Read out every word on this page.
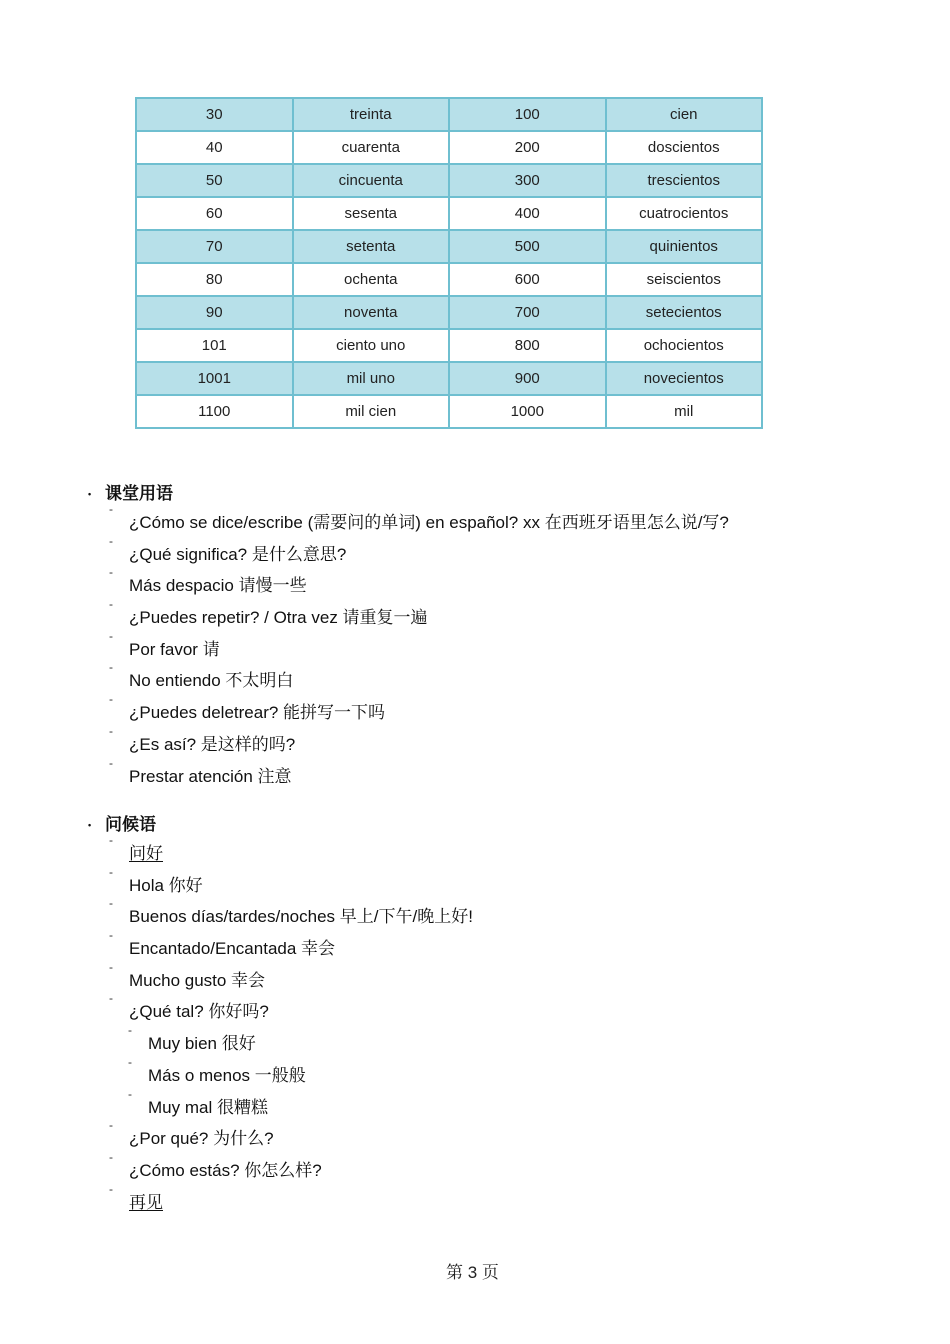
30	treinta	100	cien
40	cuarenta	200	doscientos
50	cincuenta	300	trescientos
60	sesenta	400	cuatrocientos
70	setenta	500	quinientos
80	ochenta	600	seiscientos
90	noventa	700	setecientos
101	ciento uno	800	ochocientos
1001	mil uno	900	novecientos
1100	mil cien	1000	mil
• 课堂用语
-
¿Cómo se dice/escribe (需要问的单词) en español? xx 在西班牙语里怎么说/写?
-
¿Qué significa? 是什么意思?
-
Más despacio 请慢一些
-
¿Puedes repetir? / Otra vez 请重复一遍
-
Por favor 请
-
No entiendo 不太明白
-
¿Puedes deletrear? 能拼写一下吗
-
¿Es así? 是这样的吗?
-
Prestar atención 注意
• 问候语
-
问好
-
Hola 你好
-
Buenos días/tardes/noches 早上/下午/晚上好!
-
Encantado/Encantada 幸会
-
Mucho gusto 幸会
-
¿Qué tal? 你好吗?
-
Muy bien 很好
-
Más o menos 一般般
-
Muy mal 很糟糕
-
¿Por qué? 为什么?
-
¿Cómo estás? 你怎么样?
-
再见
第 3 页
